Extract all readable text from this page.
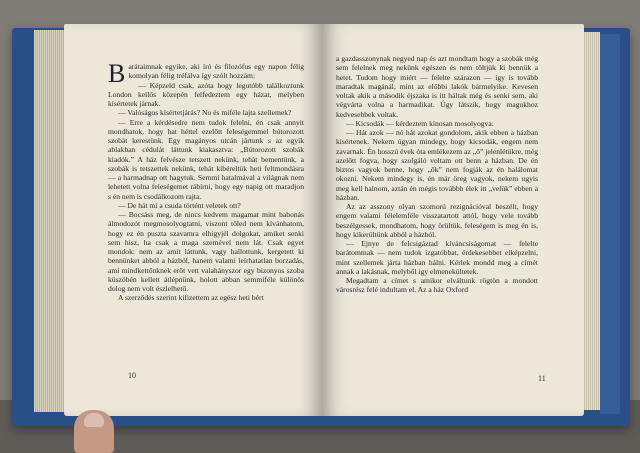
Barátaimnak egyike, aki író és filozófus egy napon félig komolyan félig tréfálva így szólt hozzám:

— Képzeld csak, azóta hogy legutóbb találkoztunk London kellős közepén felfedeztem egy házat, melyben kísértetek járnak.

— Valóságos kísértetjárás? No és miféle lajta szellemek?

— Erre a kérdésedre nem tudok felelni, én csak annyit mondhatok, hogy hat héttel ezelőtt feleségemmel bútorozott szobát kerestünk. Egy magányos utcán jártunk s az egyik ablakban cédulát láttunk kiakasztva: „Bútorozott szobák kiadók.” A ház felvésze tetszett nekünk, tehát bementünk, a szobák is tetszettek nekünk, tehát kibéreltük heti feltmondásra — a harmadnap ott hagytuk. Semmi hatalmával a világnak nem lehetett volna feleségemet rábírni, hogy egy napig ott maradjon s én nem is csodálkozom rajta.

— De hát mi a csuda történt veletek ott?

— Bocsáss meg, de nincs kedvem magamat mint babonás álmodozót megmosolyogtatni, viszont tőled nem kívánhatom, hogy ez én puszta szavamra elhigyjél dolgokat, amiket senki sem hisz, ha csak a maga szemével nem lát. Csak egyet mondok: nem az amit láttunk, vagy hallottunk, kergetett ki bennünket abból a házból, hanem valami leírhatatlan borzadás, ami mindkettőnknek erőt vett valahányszor egy bizonyos szoba küszöbén kellett átlépnünk, holott abban semmiféle különös dolog nem volt észlelhető.

A szerződés szerint kifizettem az egész heti bért

10

a gazdasszonynak negyed nap és azt mondtam hogy a szobák még sem felelnek meg nekünk egészen és nem töltjük ki bennük a hetet. Tudom hogy miért — felelte szárazon — így is tovább maradtak magánál, mint az előbbi lakók bármelyike. Kevesen voltak akik a második éjszaka is itt háltak még és senki sem, aki végvárta volna a harmadikat. Úgy látszik, hogy magukhoz kedvesebbek voltak.

— Kicsodák — kérdeztem kínosan mosolyogva.

— Hát azok — nó hát azokat gondolom, akik ebben a házban kísértenek. Nekem úgyan mindegy, hogy kicsodák, engem nem zavarnak. Én hosszú évek óta emlékezem az „ő” jelenlétükre, még azelőtt fogva, hogy szolgáló voltam ott benn a házban. De én biztos vagyok benne, hogy „ők” nem fogják az én halálomat okozni. Nekem mindegy is, én már öreg vagyok, nekem ugyis meg kell halnom, aztán én mégis továbbb élek itt „velük” ebben a házban.

Az az asszony olyan szomorú rezignációval beszélt, hogy engem valami félelemféle visszatartott attól, hogy vele tovább beszélgessek, mondhatom, hogy örültük, feleségem is meg én is, hogy kikerültünk abból a házból.

— Ejnye de felcsigáztad kíváncsiságomat — felelte barátommak — nem tudok izgatóbbat, érdekesebbet elképzelni, mint szellemek járta házban hálni. Kérlek mondd meg a címét annak a lakásnak, melyből igy elmenekültetek.

Megadtam a címet s amikor elváltunk rögtön a mondott városrész felé indultam el. Az a ház Oxford

11
